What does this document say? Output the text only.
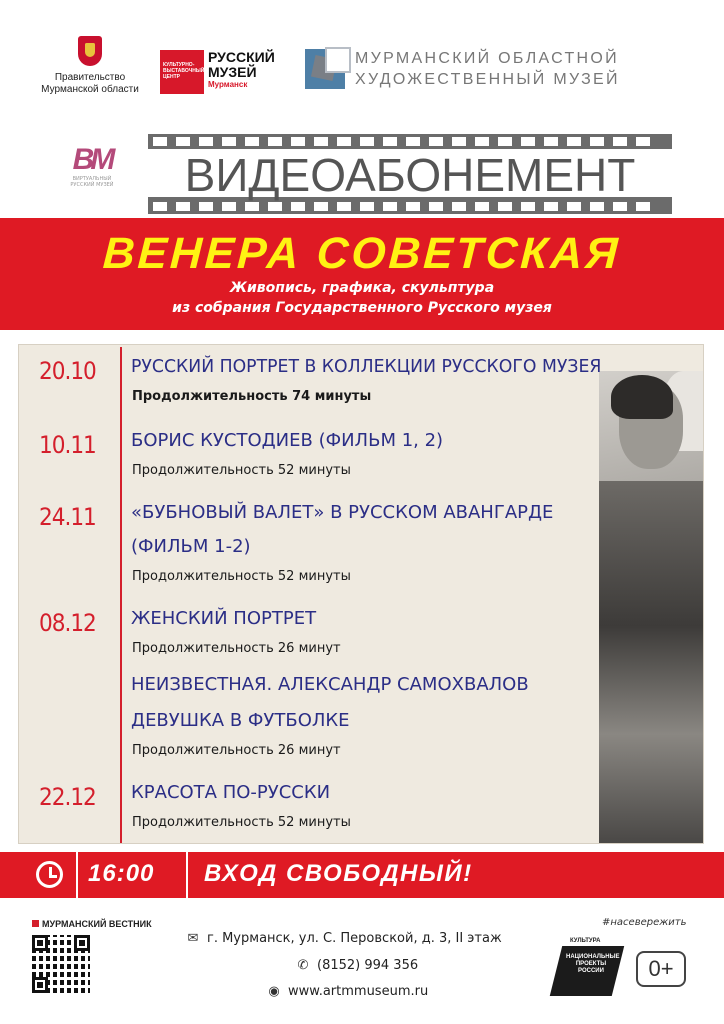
Правительство
Мурманской области
КУЛЬТУРНО-ВЫСТАВОЧНЫЙ ЦЕНТР
РУССКИЙ
МУЗЕЙ
Мурманск
МУРМАНСКИЙ ОБЛАСТНОЙ
ХУДОЖЕСТВЕННЫЙ МУЗЕЙ
ВМ
ВИРТУАЛЬНЫЙ РУССКИЙ МУЗЕЙ	ВИДЕОАБОНЕМЕНТ
ВЕНЕРА СОВЕТСКАЯ
Живопись, графика, скульптура
из собрания Государственного Русского музея
20.10	РУССКИЙ ПОРТРЕТ В КОЛЛЕКЦИИ РУССКОГО МУЗЕЯ
Продолжительность 74 минуты
10.11	БОРИС КУСТОДИЕВ (ФИЛЬМ 1, 2)
Продолжительность 52 минуты
24.11	«БУБНОВЫЙ ВАЛЕТ» В РУССКОМ АВАНГАРДЕ
(ФИЛЬМ 1-2)
Продолжительность 52 минуты
08.12	ЖЕНСКИЙ ПОРТРЕТ
Продолжительность 26 минут
НЕИЗВЕСТНАЯ. АЛЕКСАНДР САМОХВАЛОВ
ДЕВУШКА В ФУТБОЛКЕ
Продолжительность 26 минут
22.12	КРАСОТА ПО-РУССКИ
Продолжительность 52 минуты
16:00 ВХОД СВОБОДНЫЙ!
МУРМАНСКИЙ ВЕСТНИК
✉ г. Мурманск, ул. С. Перовской, д. 3, II этаж
✆ (8152) 994 356
◉ www.artmmuseum.ru
#насевережить
КУЛЬТУРА
НАЦИОНАЛЬНЫЕ ПРОЕКТЫ РОССИИ	0+
